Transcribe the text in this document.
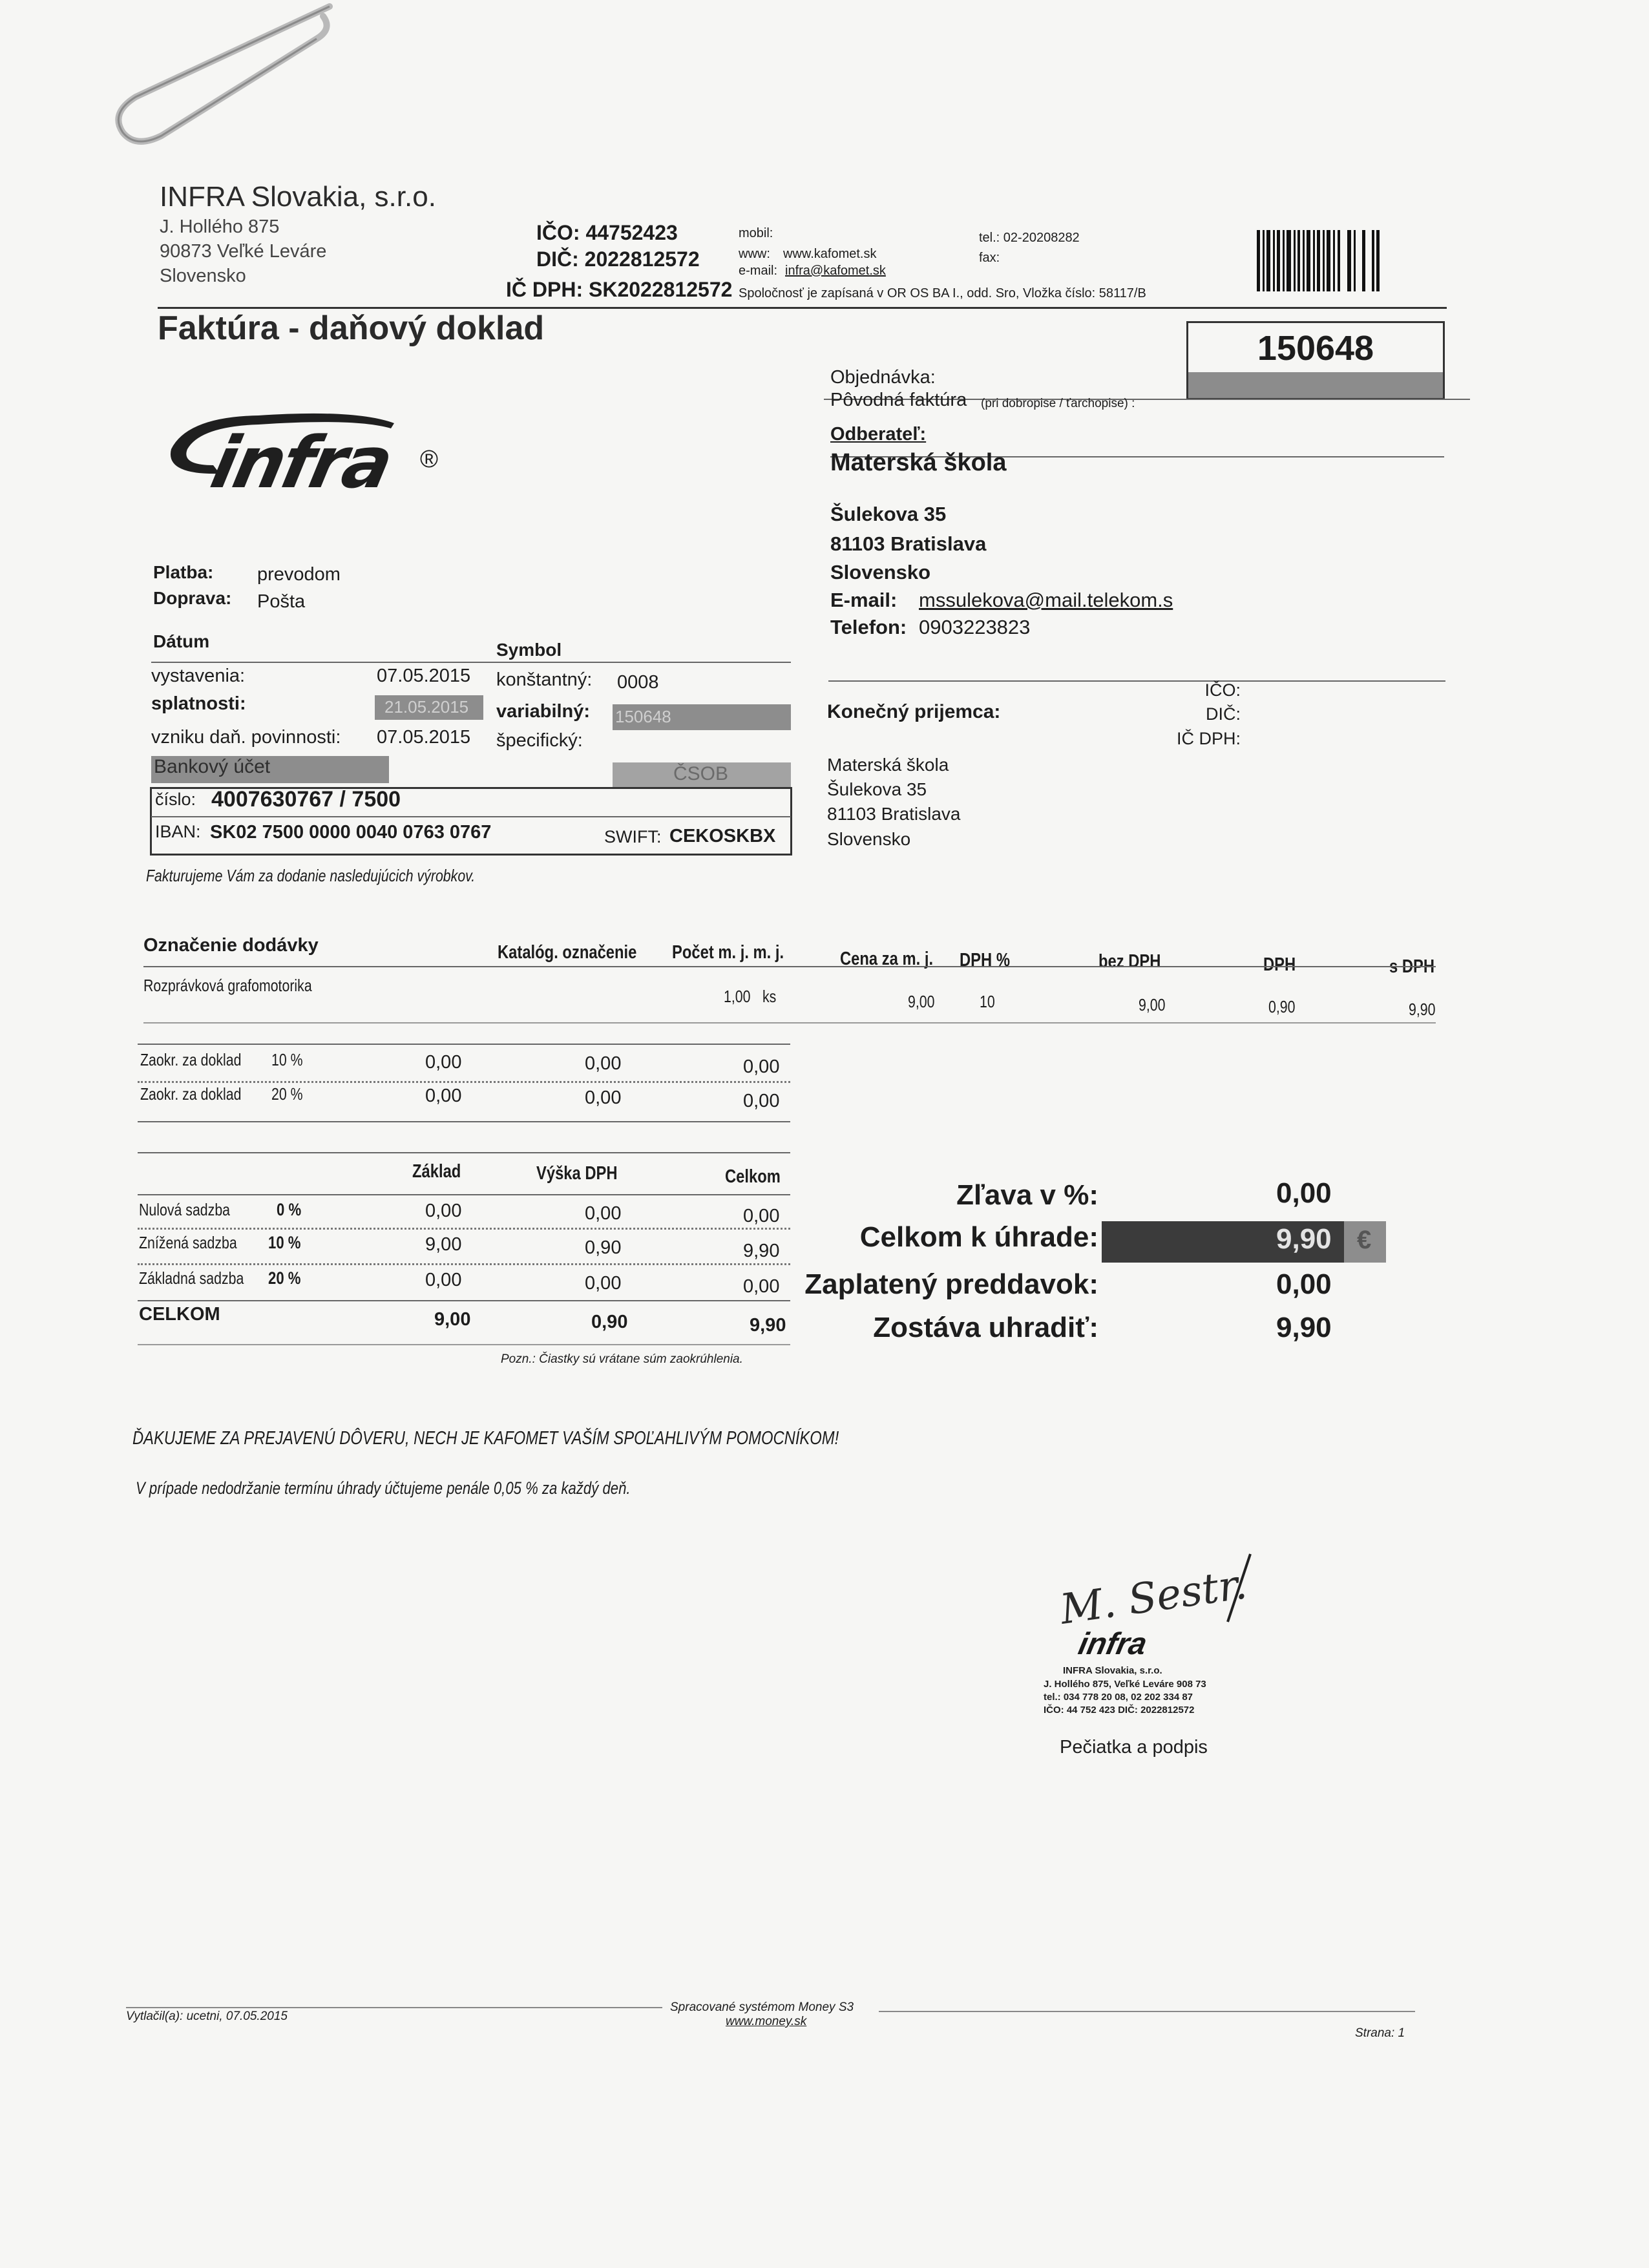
INFRA Slovakia, s.r.o.
J. Hollého 875
90873 Veľké Leváre
Slovensko
IČO: 44752423
DIČ: 2022812572
IČ DPH: SK2022812572
mobil:
www: www.kafomet.sk
e-mail: infra@kafomet.sk
tel.: 02-20208282
fax:
Spoločnosť je zapísaná v OR OS BA I., odd. Sro, Vložka číslo: 58117/B
Faktúra - daňový doklad
150648
infra ®
Objednávka:
Pôvodná faktúra (pri dobropise / ťarchopise) :
Odberateľ:
Materská škola
Šulekova 35
81103 Bratislava
Slovensko
E-mail: mssulekova@mail.telekom.s
Telefon: 0903223823
IČO:
DIČ:
IČ DPH:
Konečný prijemca:
Materská škola
Šulekova 35
81103 Bratislava
Slovensko
Platba: prevodom
Doprava: Pošta
Dátum	Symbol
vystavenia:	07.05.2015 konštantný: 0008
splatnosti:	21.05.2015 variabilný: 150648
vzniku daň. povinnosti: 07.05.2015 špecifický:
Bankový účet	ČSOB
číslo: 4007630767 / 7500
IBAN: SK02 7500 0000 0040 0763 0767	SWIFT: CEKOSKBX
Fakturujeme Vám za dodanie nasledujúcich výrobkov.
Označenie dodávky	Katalóg. označenie	Počet m. j. m. j.	Cena za m. j.	DPH %	bez DPH	DPH	s DPH
Rozprávková grafomotorika
1,00 ks	9,00	10	9,00	0,90	9,90
Zaokr. za doklad	10 %	0,00	0,00	0,00
Zaokr. za doklad	20 %	0,00	0,00	0,00
Základ	Výška DPH	Celkom
Nulová sadzba	0 %	0,00	0,00	0,00
Znížená sadzba	10 %	9,00	0,90	9,90
Základná sadzba	20 %	0,00	0,00	0,00
CELKOM	9,00	0,90	9,90
Pozn.: Čiastky sú vrátane súm zaokrúhlenia.
Zľava v %:	0,00
Celkom k úhrade:	9,90 €
Zaplatený preddavok:	0,00
Zostáva uhradiť:	9,90
ĎAKUJEME ZA PREJAVENÚ DÔVERU, NECH JE KAFOMET VAŠÍM SPOĽAHLIVÝM POMOCNÍKOM!
V prípade nedodržanie termínu úhrady účtujeme penále 0,05 % za každý deň.
M. Sestr.
infra
INFRA Slovakia, s.r.o.
J. Hollého 875, Veľké Leváre 908 73
tel.: 034 778 20 08, 02 202 334 87
IČO: 44 752 423 DIČ: 2022812572
Pečiatka a podpis
Vytlačil(a): ucetni, 07.05.2015
Spracované systémom Money S3
www.money.sk
Strana: 1
